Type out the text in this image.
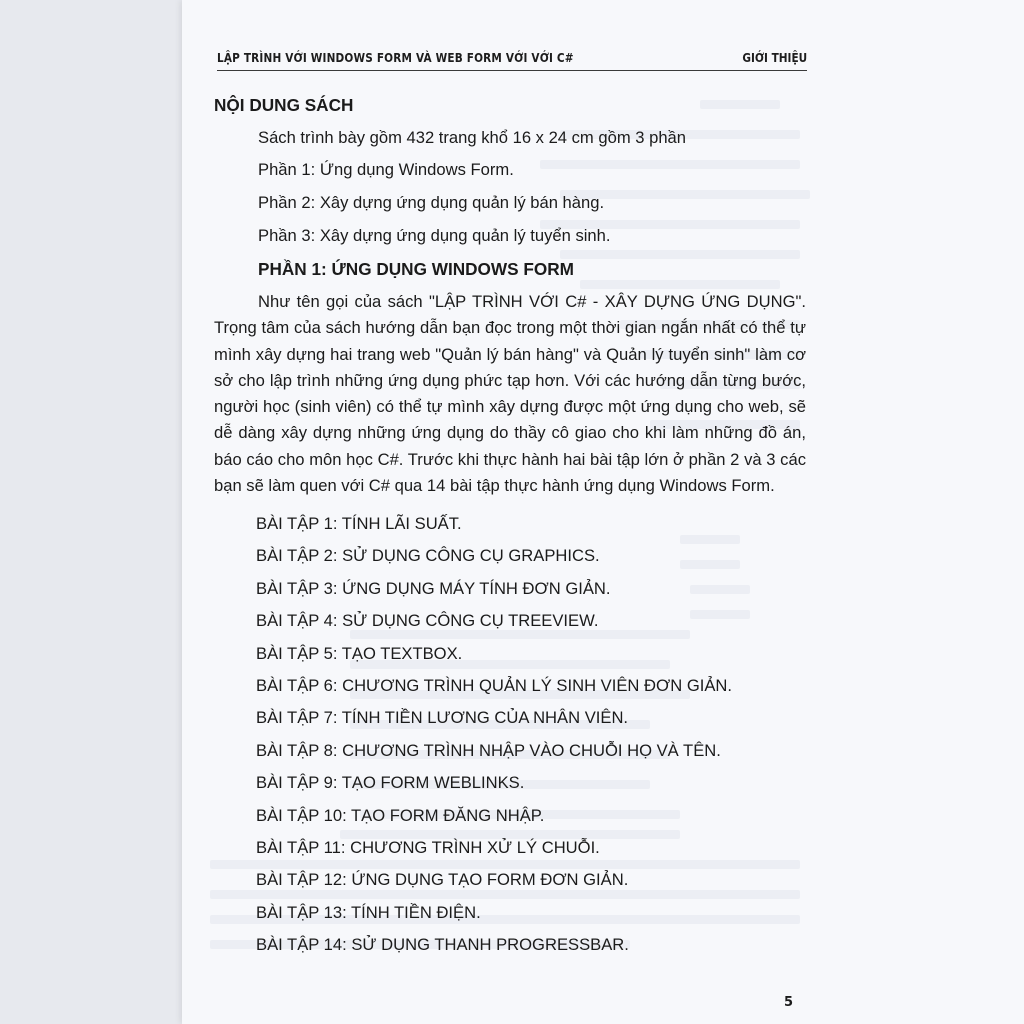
LẬP TRÌNH VỚI WINDOWS FORM VÀ WEB FORM VỚI VỚI C#	GIỚI THIỆU
NỘI DUNG SÁCH
Sách trình bày gồm 432 trang khổ 16 x 24 cm gồm 3 phần
Phần 1: Ứng dụng Windows Form.
Phần 2: Xây dựng ứng dụng quản lý bán hàng.
Phần 3: Xây dựng ứng dụng quản lý tuyển sinh.
PHẦN 1: ỨNG DỤNG WINDOWS FORM

Như tên gọi của sách "LẬP TRÌNH VỚI C# - XÂY DỰNG ỨNG DỤNG". Trọng tâm của sách hướng dẫn bạn đọc trong một thời gian ngắn nhất có thể tự mình xây dựng hai trang web "Quản lý bán hàng" và Quản lý tuyển sinh" làm cơ sở cho lập trình những ứng dụng phức tạp hơn. Với các hướng dẫn từng bước, người học (sinh viên) có thể tự mình xây dựng được một ứng dụng cho web, sẽ dễ dàng xây dựng những ứng dụng do thầy cô giao cho khi làm những đồ án, báo cáo cho môn học C#. Trước khi thực hành hai bài tập lớn ở phần 2 và 3 các bạn sẽ làm quen với C# qua 14 bài tập thực hành ứng dụng Windows Form.

BÀI TẬP 1: TÍNH LÃI SUẤT.
BÀI TẬP 2: SỬ DỤNG CÔNG CỤ GRAPHICS.
BÀI TẬP 3: ỨNG DỤNG MÁY TÍNH ĐƠN GIẢN.
BÀI TẬP 4: SỬ DỤNG CÔNG CỤ TREEVIEW.
BÀI TẬP 5: TẠO TEXTBOX.
BÀI TẬP 6: CHƯƠNG TRÌNH QUẢN LÝ SINH VIÊN ĐƠN GIẢN.
BÀI TẬP 7: TÍNH TIỀN LƯƠNG CỦA NHÂN VIÊN.
BÀI TẬP 8: CHƯƠNG TRÌNH NHẬP VÀO CHUỖI HỌ VÀ TÊN.
BÀI TẬP 9: TẠO FORM WEBLINKS.
BÀI TẬP 10: TẠO FORM ĐĂNG NHẬP.
BÀI TẬP 11: CHƯƠNG TRÌNH XỬ LÝ CHUỖI.
BÀI TẬP 12: ỨNG DỤNG TẠO FORM ĐƠN GIẢN.
BÀI TẬP 13: TÍNH TIỀN ĐIỆN.
BÀI TẬP 14: SỬ DỤNG THANH PROGRESSBAR.
5
